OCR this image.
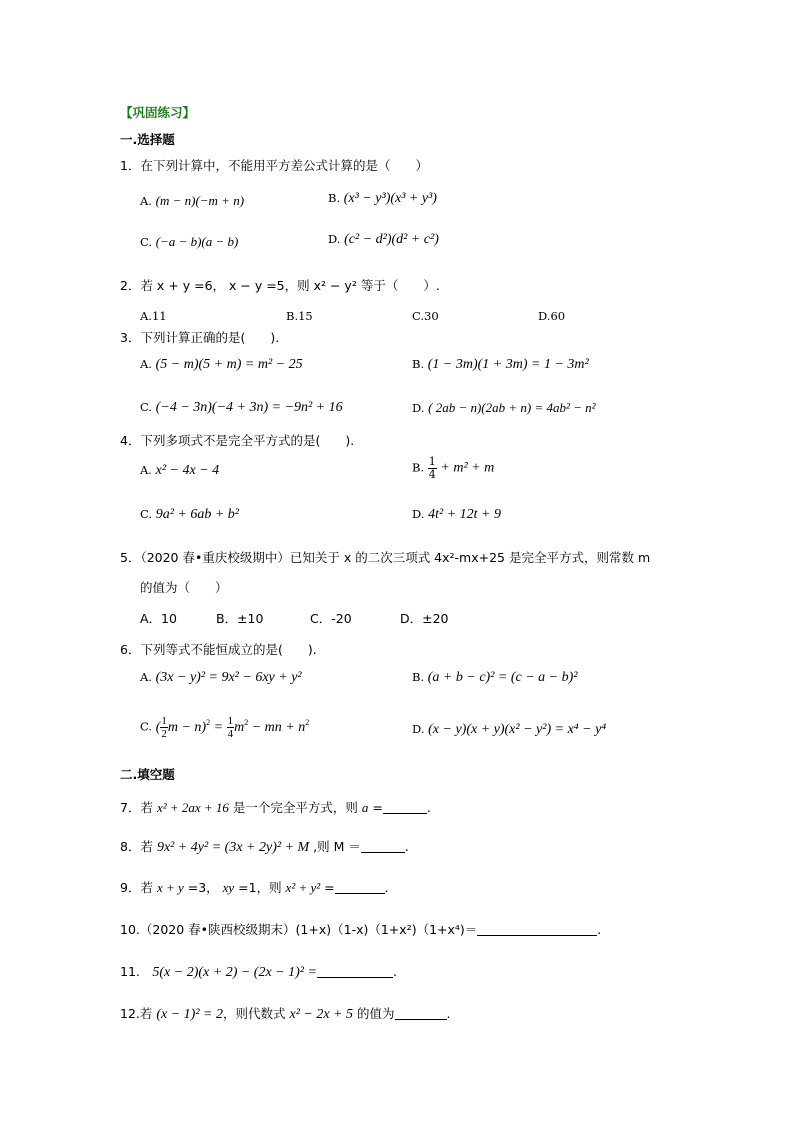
【巩固练习】
一.选择题
1．在下列计算中，不能用平方差公式计算的是（　　）
A. (m − n)(−m + n)	B. (x³ − y³)(x³ + y³)
C. (−a − b)(a − b)	D. (c² − d²)(d² + c²)
2．若 x + y =6， x − y =5，则 x² − y² 等于（　　）.
A.11	B.15	C.30	D.60
3．下列计算正确的是(　　).
A. (5 − m)(5 + m) = m² − 25	B. (1 − 3m)(1 + 3m) = 1 − 3m²
C. (−4 − 3n)(−4 + 3n) = −9n² + 16	D. ( 2ab − n)(2ab + n) = 4ab² − n²
4．下列多项式不是完全平方式的是(　　).
A. x² − 4x − 4	B. $\frac{1}{4} + m^2 + m$
C. 9a² + 6ab + b²	D. 4t² + 12t + 9
5．（2020 春•重庆校级期中）已知关于 x 的二次三项式 4x²-mx+25 是完全平方式，则常数 m
的值为（　　）
A．10	B．±10	C．-20	D．±20
6．下列等式不能恒成立的是(　　).
A. (3x − y)² = 9x² − 6xy + y²	B. (a + b − c)² = (c − a − b)²
C. ( $\frac{1}{2}$ $m - n)^2 = \frac{1}{4} m^2$ − mn + $n^2$	D. (x − y)(x + y)(x² − y²) = x⁴ − y⁴
二.填空题
7．若 x² + 2ax + 16 是一个完全平方式，则 a =	.
8．若 9x² + 4y² = (3x + 2y)² + M ,则 M ＝	.
9．若 x + y =3， xy =1，则 x² + y² =	.
10.（2020 春•陕西校级期末）(1+x)（1-x)（1+x²)（1+x⁴)＝	.
11.　5(x − 2)(x + 2) − (2x − 1)² =	.
12.若 (x − 1)² = 2，则代数式 x² − 2x + 5 的值为	.
